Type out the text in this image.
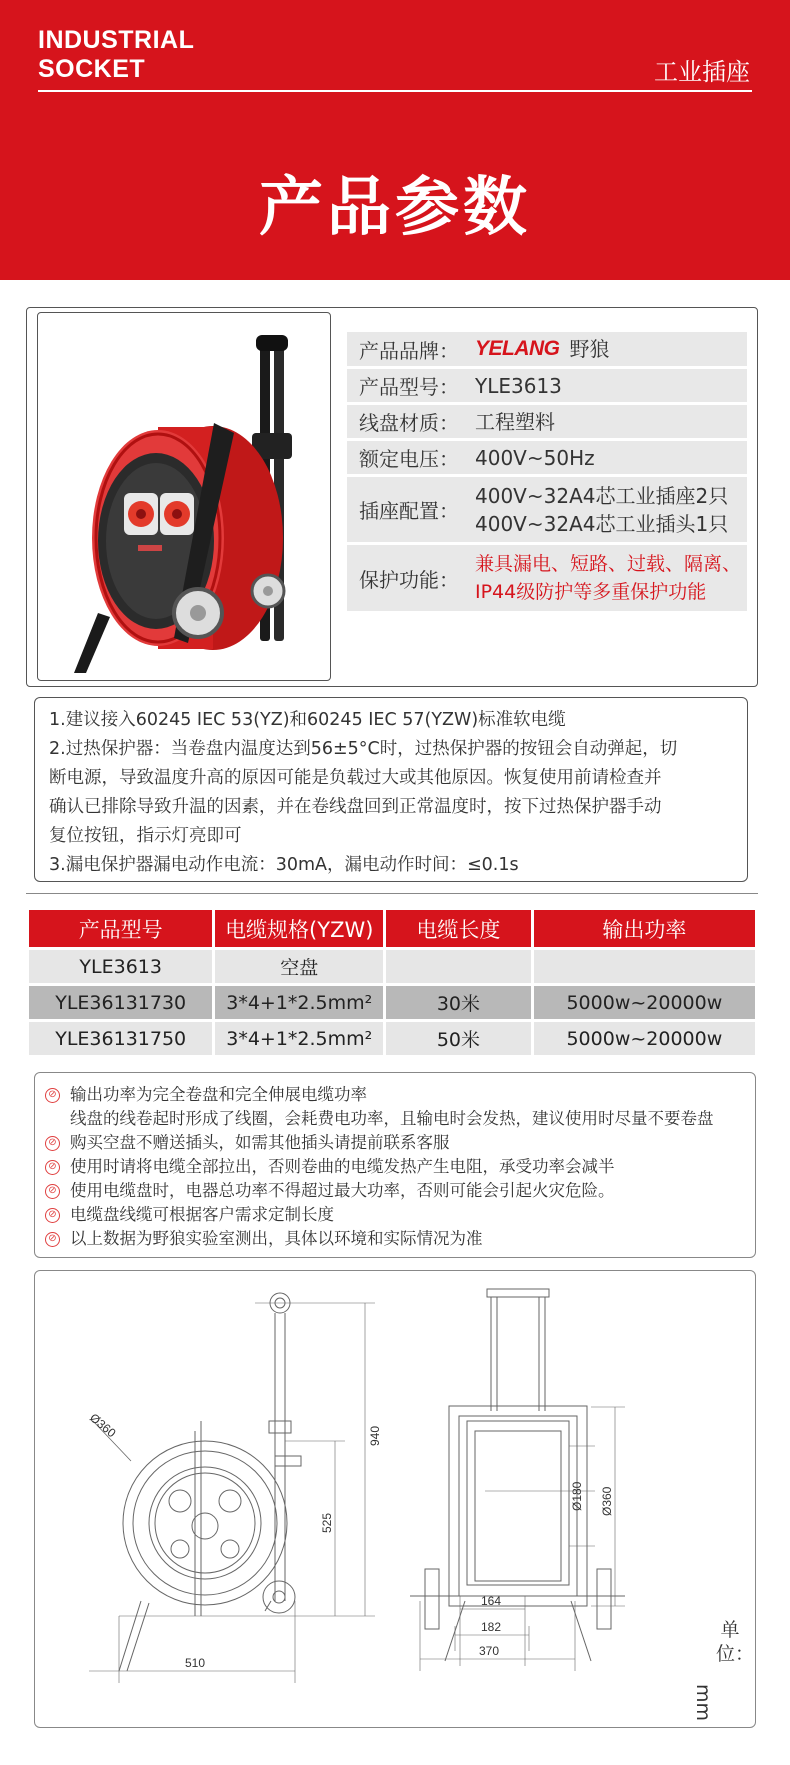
INDUSTRIAL
SOCKET	工业插座
产品参数
产品品牌： YELANG 野狼
产品型号： YLE3613
线盘材质： 工程塑料
额定电压： 400V~50Hz
插座配置：
400V~32A4芯工业插座2只
400V~32A4芯工业插头1只
保护功能：
兼具漏电、短路、过载、隔离、
IP44级防护等多重保护功能
1.建议接入60245 IEC 53(YZ)和60245 IEC 57(YZW)标准软电缆
2.过热保护器：当卷盘内温度达到56±5°C时，过热保护器的按钮会自动弹起，切
断电源，导致温度升高的原因可能是负载过大或其他原因。恢复使用前请检查并
确认已排除导致升温的因素，并在卷线盘回到正常温度时，按下过热保护器手动
复位按钮，指示灯亮即可
3.漏电保护器漏电动作电流：30mA，漏电动作时间：≤0.1s
产品型号	电缆规格(YZW)	电缆长度	输出功率
YLE3613	空盘		
YLE36131730	3*4+1*2.5mm²	30米	5000w~20000w
YLE36131750	3*4+1*2.5mm²	50米	5000w~20000w
⊘ 输出功率为完全卷盘和完全伸展电缆功率
线盘的线卷起时形成了线圈，会耗费电功率，且输电时会发热，建议使用时尽量不要卷盘
⊘ 购买空盘不赠送插头，如需其他插头请提前联系客服
⊘ 使用时请将电缆全部拉出，否则卷曲的电缆发热产生电阻，承受功率会减半
⊘ 使用电缆盘时，电器总功率不得超过最大功率，否则可能会引起火灾危险。
⊘ 电缆盘线缆可根据客户需求定制长度
⊘ 以上数据为野狼实验室测出，具体以环境和实际情况为准
Ø360	940
525
510
Ø180 Ø360
164
182
370
单位：
mm
